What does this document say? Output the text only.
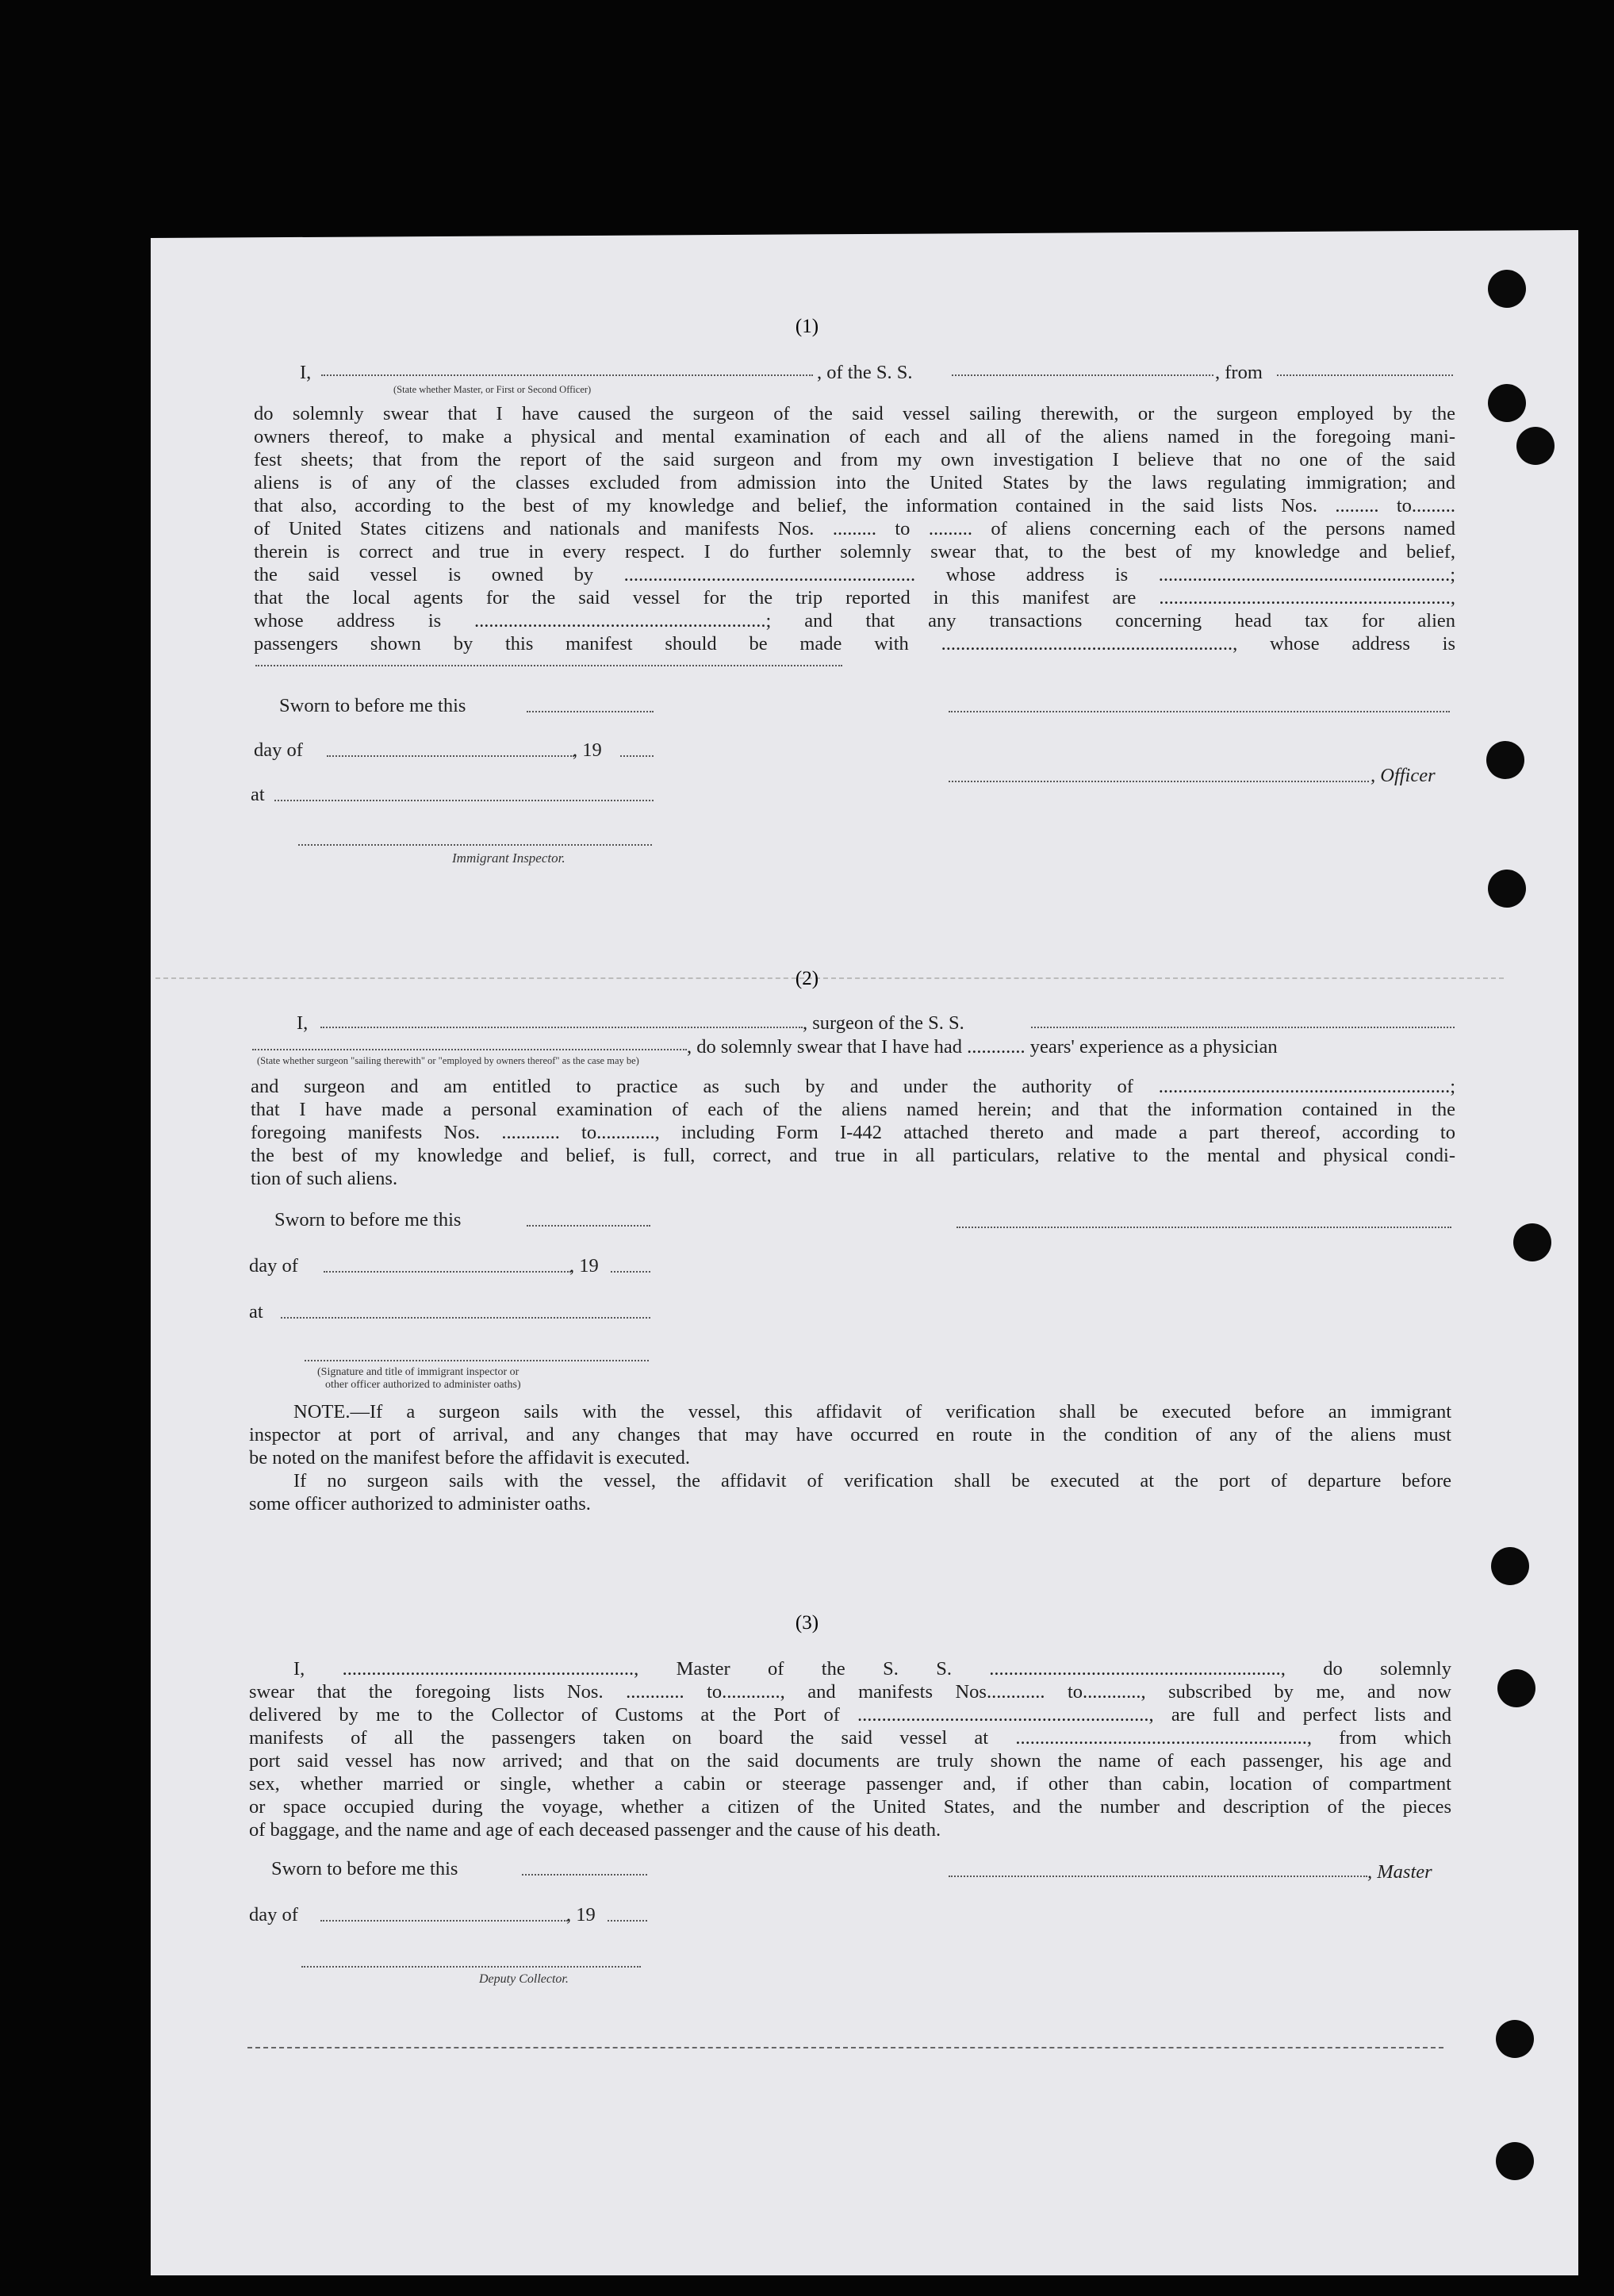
(1)
I,	, of the S. S.	, from
(State whether Master, or First or Second Officer)
do solemnly swear that I have caused the surgeon of the said vessel sailing therewith, or the surgeon employed by the
owners thereof, to make a physical and mental examination of each and all of the aliens named in the foregoing mani-
fest sheets; that from the report of the said surgeon and from my own investigation I believe that no one of the said
aliens is of any of the classes excluded from admission into the United States by the laws regulating immigration; and
that also, according to the best of my knowledge and belief, the information contained in the said lists Nos. ......... to.........
of United States citizens and nationals and manifests Nos. ......... to ......... of aliens concerning each of the persons named
therein is correct and true in every respect. I do further solemnly swear that, to the best of my knowledge and belief,
the said vessel is owned by ............................................................ whose address is ............................................................;
that the local agents for the said vessel for the trip reported in this manifest are ............................................................,
whose address is ............................................................; and that any transactions concerning head tax for alien
passengers shown by this manifest should be made with ............................................................, whose address is
Sworn to before me this
day of	, 19
, Officer
at
Immigrant Inspector.
(2)
I,	, surgeon of the S. S.
, do solemnly swear that I have had ............ years' experience as a physician
(State whether surgeon "sailing therewith" or "employed by owners thereof" as the case may be)
and surgeon and am entitled to practice as such by and under the authority of ............................................................;
that I have made a personal examination of each of the aliens named herein; and that the information contained in the
foregoing manifests Nos. ............ to............, including Form I-442 attached thereto and made a part thereof, according to
the best of my knowledge and belief, is full, correct, and true in all particulars, relative to the mental and physical condi-
tion of such aliens.
Sworn to before me this
day of	, 19
at
(Signature and title of immigrant inspector or
other officer authorized to administer oaths)
NOTE.—If a surgeon sails with the vessel, this affidavit of verification shall be executed before an immigrant
inspector at port of arrival, and any changes that may have occurred en route in the condition of any of the aliens must
be noted on the manifest before the affidavit is executed.
If no surgeon sails with the vessel, the affidavit of verification shall be executed at the port of departure before
some officer authorized to administer oaths.
(3)
I, ............................................................, Master of the S. S. ............................................................, do solemnly
swear that the foregoing lists Nos. ............ to............, and manifests Nos............ to............, subscribed by me, and now
delivered by me to the Collector of Customs at the Port of ............................................................, are full and perfect lists and
manifests of all the passengers taken on board the said vessel at ............................................................, from which
port said vessel has now arrived; and that on the said documents are truly shown the name of each passenger, his age and
sex, whether married or single, whether a cabin or steerage passenger and, if other than cabin, location of compartment
or space occupied during the voyage, whether a citizen of the United States, and the number and description of the pieces
of baggage, and the name and age of each deceased passenger and the cause of his death.
Sworn to before me this	, Master
day of	, 19
Deputy Collector.
